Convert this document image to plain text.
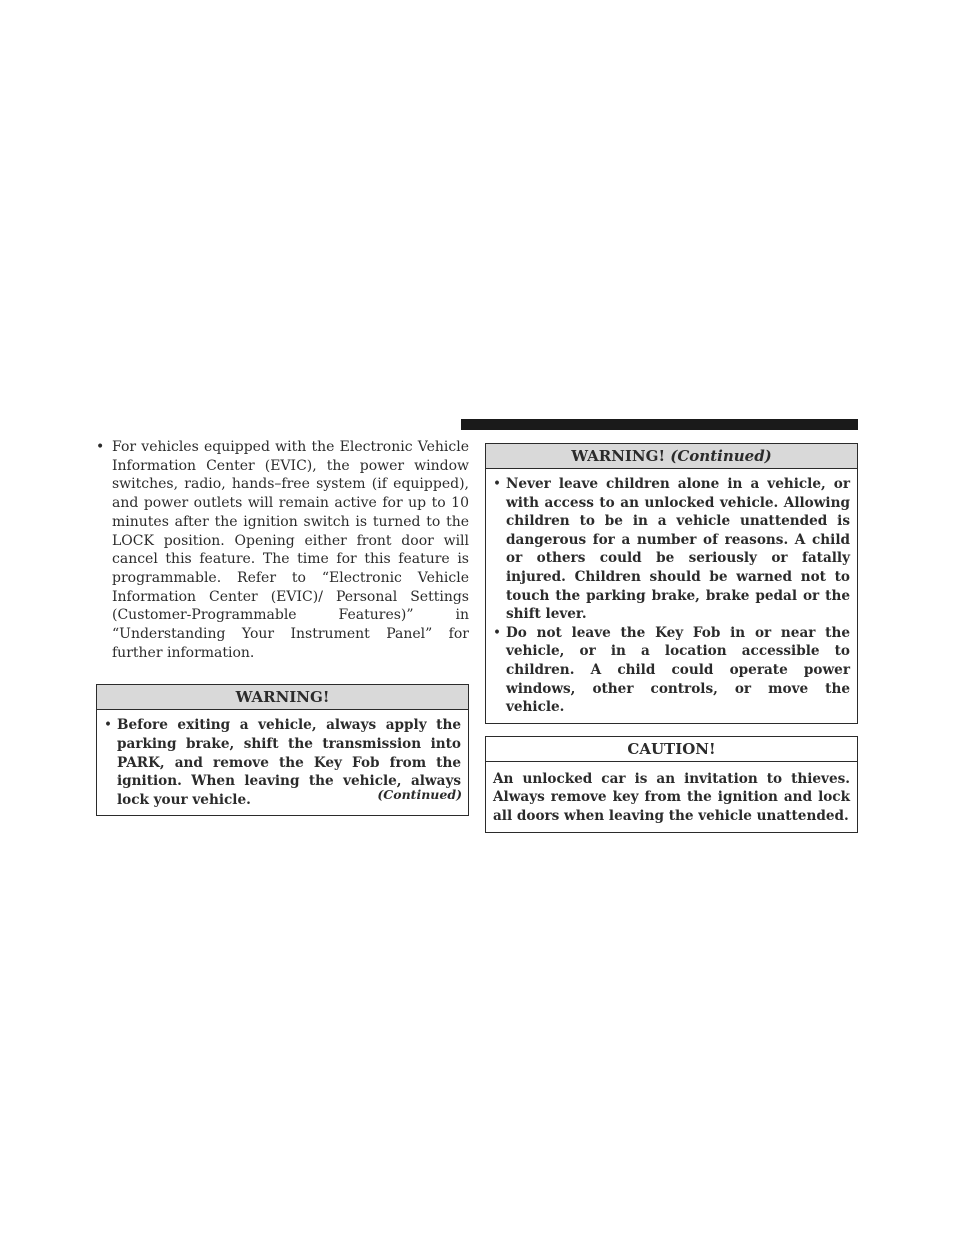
• For vehicles equipped with the Electronic Vehicle Information Center (EVIC), the power window switches, radio, hands–free system (if equipped), and power outlets will remain active for up to 10 minutes after the ignition switch is turned to the LOCK position. Opening either front door will cancel this feature. The time for this feature is programmable. Refer to “Electronic Vehicle Information Center (EVIC)/ Personal Settings (Customer-Programmable Features)” in “Understanding Your Instrument Panel” for further information.
WARNING!
• Before exiting a vehicle, always apply the parking brake, shift the transmission into PARK, and remove the Key Fob from the ignition. When leaving the vehicle, always lock your vehicle.	(Continued)
WARNING! (Continued)
• Never leave children alone in a vehicle, or with access to an unlocked vehicle. Allowing children to be in a vehicle unattended is dangerous for a number of reasons. A child or others could be seriously or fatally injured. Children should be warned not to touch the parking brake, brake pedal or the shift lever.
• Do not leave the Key Fob in or near the vehicle, or in a location accessible to children. A child could operate power windows, other controls, or move the vehicle.
CAUTION!
An unlocked car is an invitation to thieves. Always remove key from the ignition and lock all doors when leaving the vehicle unattended.
